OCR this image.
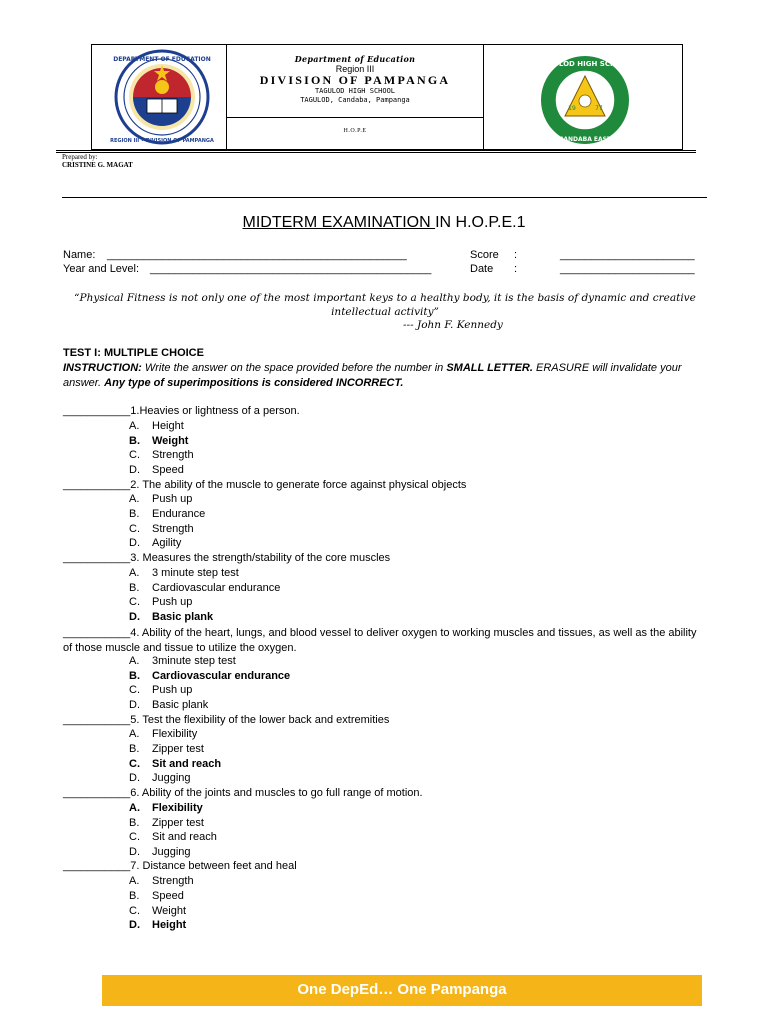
DEPARTMENT OF EDUCATION
REGION III • DIVISION OF PAMPANGA
Department of Education
Region III
DIVISION OF PAMPANGA
TAGULOD HIGH SCHOOL
TAGULOD, Candaba, Pampanga
H.O.P.E
TAGULOD HIGH SCHOOL
CANDABA EAST
19	77
Prepared by:
CRISTINE G. MAGAT
MIDTERM EXAMINATION IN H.O.P.E.1
Name: _________________________________________________
Year and Level: ______________________________________________
Score :	______________________
Date :	______________________
“Physical Fitness is not only one of the most important keys to a healthy body, it is the basis of dynamic and creative intellectual activity”
--- John F. Kennedy
TEST I: MULTIPLE CHOICE
INSTRUCTION: Write the answer on the space provided before the number in SMALL LETTER. ERASURE will invalidate your answer. Any type of superimpositions is considered INCORRECT.
___________1.Heavies or lightness of a person.
A. Height
B. Weight
C. Strength
D. Speed
___________2. The ability of the muscle to generate force against physical objects
A. Push up
B. Endurance
C. Strength
D. Agility
___________3. Measures the strength/stability of the core muscles
A. 3 minute step test
B. Cardiovascular endurance
C. Push up
D. Basic plank
___________4. Ability of the heart, lungs, and blood vessel to deliver oxygen to working muscles and tissues, as well as the ability of those muscle and tissue to utilize the oxygen.
A. 3minute step test
B. Cardiovascular endurance
C. Push up
D. Basic plank
___________5. Test the flexibility of the lower back and extremities
A. Flexibility
B. Zipper test
C. Sit and reach
D. Jugging
___________6. Ability of the joints and muscles to go full range of motion.
A. Flexibility
B. Zipper test
C. Sit and reach
D. Jugging
___________7. Distance between feet and heal
A. Strength
B. Speed
C. Weight
D. Height
One DepEd… One Pampanga
